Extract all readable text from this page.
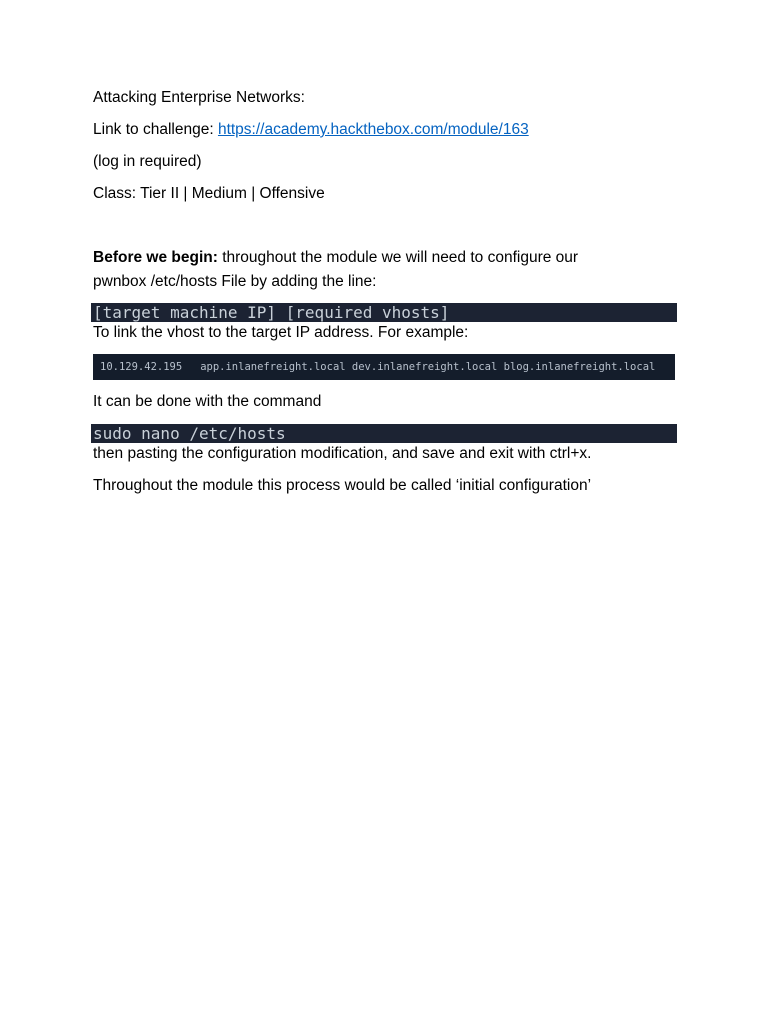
Attacking Enterprise Networks:
Link to challenge: https://academy.hackthebox.com/module/163
(log in required)
Class: Tier II | Medium | Offensive
Before we begin: throughout the module we will need to configure our
pwnbox /etc/hosts File by adding the line:
[target machine IP] [required vhosts]
To link the vhost to the target IP address. For example:
10.129.42.195 app.inlanefreight.local dev.inlanefreight.local blog.inlanefreight.local
It can be done with the command
sudo nano /etc/hosts
then pasting the configuration modification, and save and exit with ctrl+x.
Throughout the module this process would be called ‘initial configuration’
